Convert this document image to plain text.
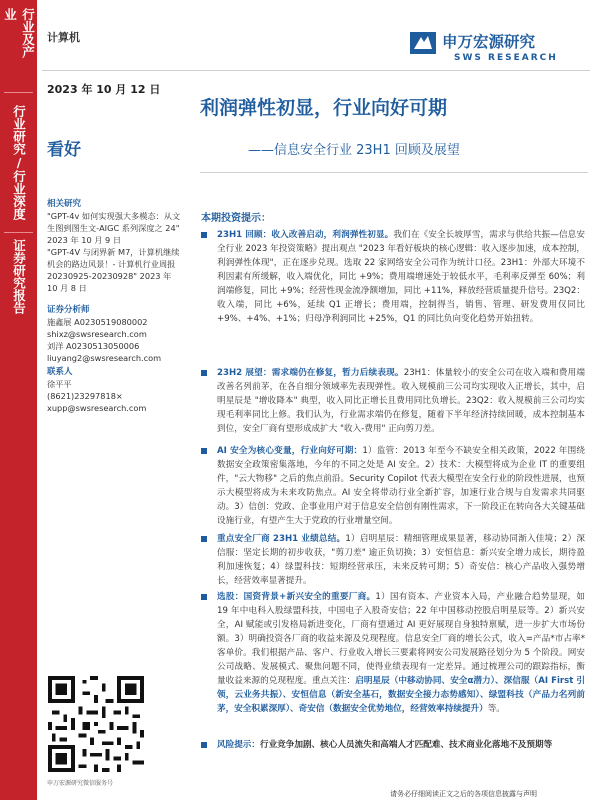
行业及产业
行业研究/行业深度
证券研究报告
计算机
2023 年 10 月 12 日
看好
申万宏源研究
SWS RESEARCH
利润弹性初显，行业向好可期
——信息安全行业 23H1 回顾及展望
相关研究

"GPT-4v 如何实现强大多模态：从文生图到图生文-AIGC 系列深度之 24" 2023 年 10 月 9 日

"GPT-4V 与闭界新 M7，计算机继续机会的路边风景！- 计算机行业周报 20230925-20230928" 2023 年 10 月 8 日

证券分析师

施鑫展 A0230519080002

shixz@swsresearch.com

刘洋 A0230513050006

liuyang2@swsresearch.com

联系人

徐平平

(8621)23297818×

xupp@swsresearch.com

申万宏源研究微信服务号
本期投资提示：
23H1 回顾：收入改善启动，利润弹性初显。我们在《安全长坡厚雪，需求与供给共振—信息安全行业 2023 年投资策略》提出观点 "2023 年看好板块的核心逻辑：收入逐步加速，成本控制，利润弹性体现"，正在逐步兑现。选取 22 家网络安全公司作为统计口径。23H1：外部大环境不利因素有所缓解，收入端优化，同比 +9%；费用端增速处于较低水平，毛利率反弹至 60%；利润端修复，同比 +9%；经营性现金流净额增加，同比 +11%，释放经营质量提升信号。23Q2：收入端，同比 +6%，延续 Q1 正增长；费用端，控制得当，销售、管理、研发费用仅同比 +9%、+4%、+1%；归母净利润同比 +25%，Q1 的同比负向变化趋势开始扭转。
23H2 展望：需求端仍在修复，暂力后续表现。23H1：体量较小的安全公司在收入端和费用端改善名列前茅，在各自细分领域率先表现弹性。收入规模前三公司均实现收入正增长，其中，启明星辰是 "增收降本" 典型，收入同比正增长且费用同比负增长。23Q2：收入规模前三公司均实现毛利率同比上修。我们认为，行业需求端仍在修复，随着下半年经济持续回暖，成本控制基本到位，安全厂商有望形成成扩大 "收入-费用" 正向剪刀差。
AI 安全为核心变量，行业向好可期：1）监管：2013 年至今不缺安全相关政策，2022 年围绕数据安全政策密集落地，今年的不同之处是 AI 安全。2）技术：大模型将成为企业 IT 的重要组件，"云大物移" 之后的焦点前沿。Security Copilot 代表大模型在安全行业的阶段性进展，也预示大模型将成为未来攻防焦点。AI 安全将带动行业全新扩容，加速行业合规与自发需求共同驱动。3）信创：党政、企事业用户对于信息安全信创有刚性需求，下一阶段正在转向各大关键基础设施行业，有望产生大于党政的行业增量空间。
重点安全厂商 23H1 业绩总结。1）启明星辰：精细管理成果显著，移动协同渐入佳境；2）深信服：坚定长期的初步收获，"剪刀差" 逾正负切换；3）安恒信息：新兴安全增力成长，期待盈利加速恢复；4）绿盟科技：短期经营承压，未来反转可期；5）奇安信：核心产品收入强势增长，经营效率显著提升。
选股：国资背景+新兴安全的重要厂商。1）国有资本、产业资本入局，产业融合趋势显现，如 19 年中电科入股绿盟科技，中国电子入股奇安信；22 年中国移动控股启明星辰等。2）新兴安全，AI 赋能或引发格局新进变化，厂商有望通过 AI 更好展现自身独特禀赋，进一步扩大市场份额。3）明确投资各厂商的收益来源及兑现程度。信息安全厂商的增长公式，收入=产品*市占率*客单价。我们根据产品、客户、行业收入增长三要素将网安公司发展路径划分为 5 个阶段。网安公司战略、发展模式、聚焦问题不同，使得业绩表现有一定差异。通过梳理公司的跟踪指标，衡量收益来源的兑现程度。重点关注：启明星辰（中移动协同、安全α潜力）、深信服（AI First 引领，云业务共振）、安恒信息（新安全基石，数据安全接力态势感知）、绿盟科技（产品力名列前茅，安全积累深厚）、奇安信（数据安全优势地位，经营效率持续提升）等。
风险提示：行业竞争加剧、核心人员流失和高端人才匹配难、技术商业化落地不及预期等
请务必仔细阅读正文之后的各项信息披露与声明
